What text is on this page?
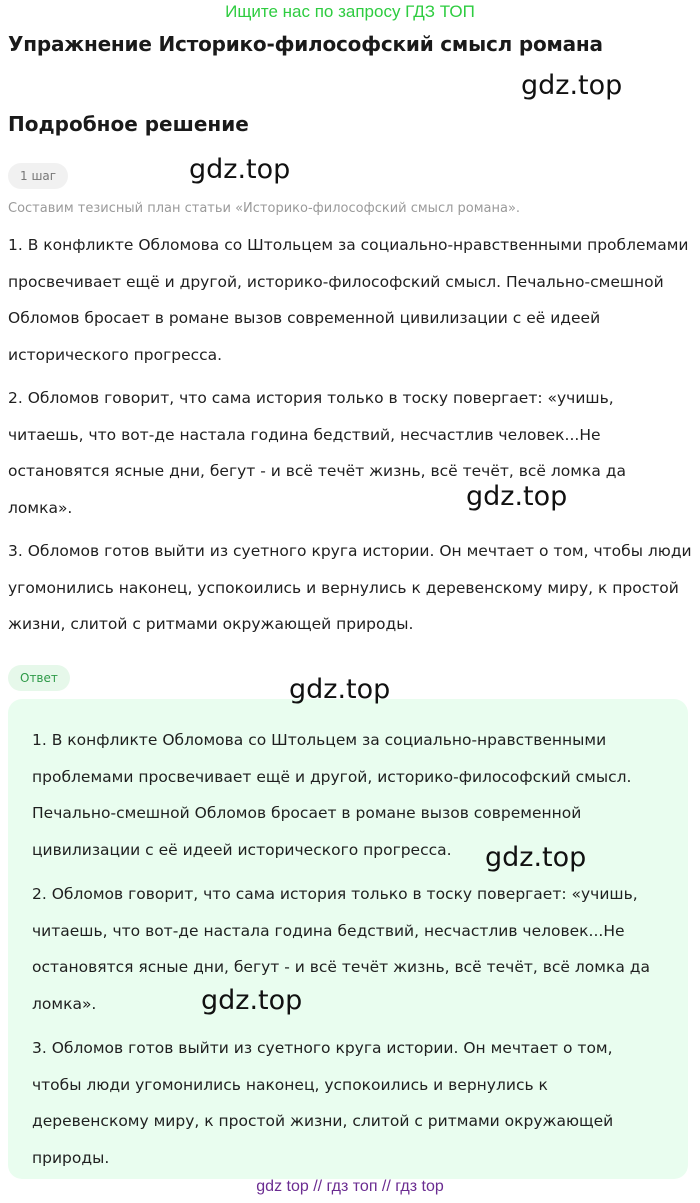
Ищите нас по запросу ГДЗ ТОП
Упражнение Историко-философский смысл романа
Подробное решение
1 шаг

Составим тезисный план статьи «Историко-философский смысл романа».

1. В конфликте Обломова со Штольцем за социально-нравственными проблемами просвечивает ещё и другой, историко-философский смысл. Печально-смешной Обломов бросает в романе вызов современной цивилизации с её идеей исторического прогресса.

2. Обломов говорит, что сама история только в тоску повергает: «учишь, читаешь, что вот-де настала година бедствий, несчастлив человек...Не остановятся ясные дни, бегут - и всё течёт жизнь, всё течёт, всё ломка да ломка».

3. Обломов готов выйти из суетного круга истории. Он мечтает о том, чтобы люди угомонились наконец, успокоились и вернулись к деревенскому миру, к простой жизни, слитой с ритмами окружающей природы.

Ответ

1. В конфликте Обломова со Штольцем за социально-нравственными проблемами просвечивает ещё и другой, историко-философский смысл. Печально-смешной Обломов бросает в романе вызов современной цивилизации с её идеей исторического прогресса.

2. Обломов говорит, что сама история только в тоску повергает: «учишь, читаешь, что вот-де настала година бедствий, несчастлив человек...Не остановятся ясные дни, бегут - и всё течёт жизнь, всё течёт, всё ломка да ломка».

3. Обломов готов выйти из суетного круга истории. Он мечтает о том, чтобы люди угомонились наконец, успокоились и вернулись к деревенскому миру, к простой жизни, слитой с ритмами окружающей природы.

gdz.top
gdz.top
gdz.top
gdz.top
gdz.top
gdz.top
gdz top // гдз топ // гдз top
